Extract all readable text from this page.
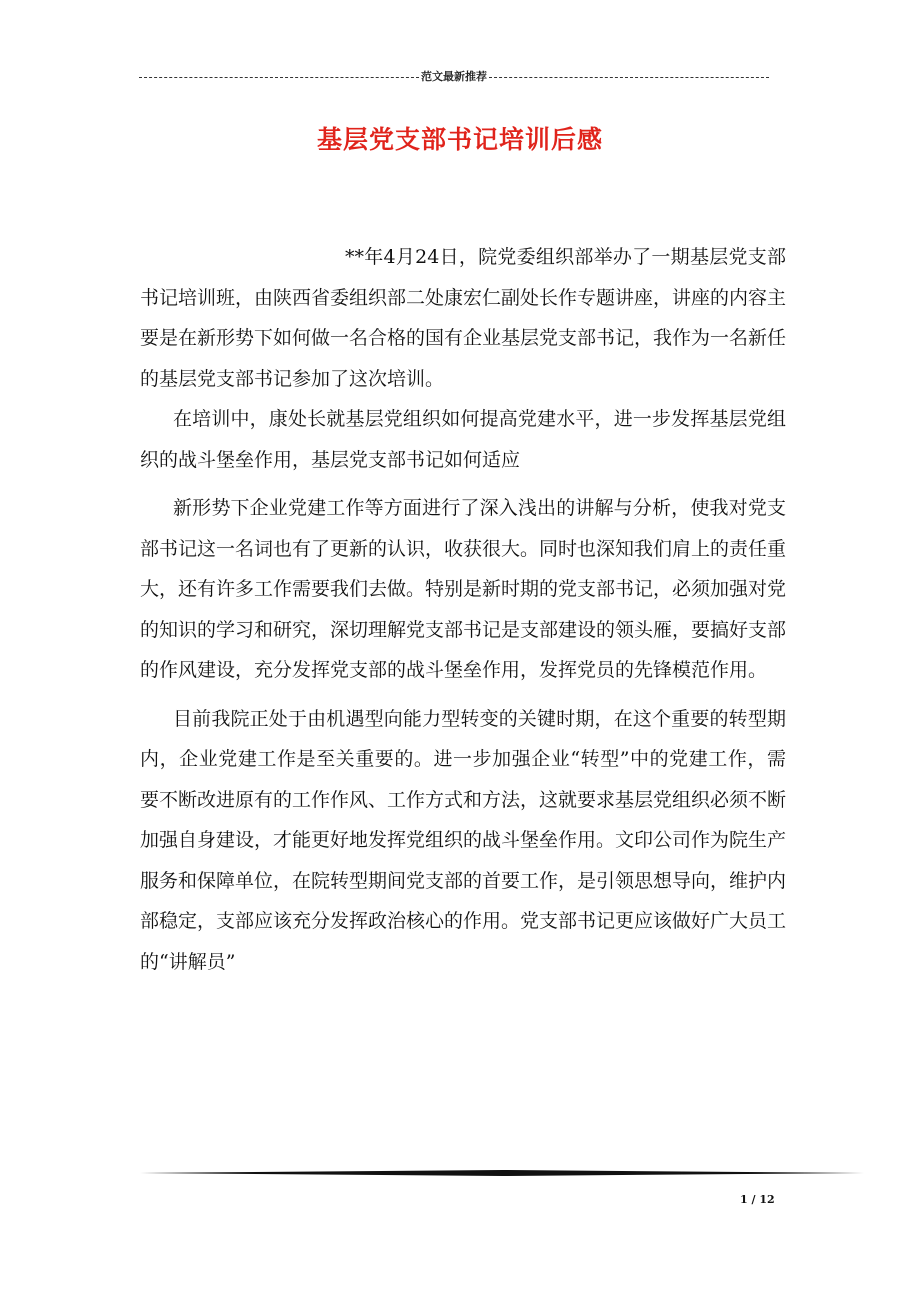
范文最新推荐
基层党支部书记培训后感

**年4月24日，院党委组织部举办了一期基层党支部书记培训班，由陕西省委组织部二处康宏仁副处长作专题讲座，讲座的内容主要是在新形势下如何做一名合格的国有企业基层党支部书记，我作为一名新任的基层党支部书记参加了这次培训。

在培训中，康处长就基层党组织如何提高党建水平，进一步发挥基层党组织的战斗堡垒作用，基层党支部书记如何适应

新形势下企业党建工作等方面进行了深入浅出的讲解与分析，使我对党支部书记这一名词也有了更新的认识，收获很大。同时也深知我们肩上的责任重大，还有许多工作需要我们去做。特别是新时期的党支部书记，必须加强对党的知识的学习和研究，深切理解党支部书记是支部建设的领头雁，要搞好支部的作风建设，充分发挥党支部的战斗堡垒作用，发挥党员的先锋模范作用。

目前我院正处于由机遇型向能力型转变的关键时期，在这个重要的转型期内，企业党建工作是至关重要的。进一步加强企业“转型”中的党建工作，需要不断改进原有的工作作风、工作方式和方法，这就要求基层党组织必须不断加强自身建设，才能更好地发挥党组织的战斗堡垒作用。文印公司作为院生产服务和保障单位，在院转型期间党支部的首要工作，是引领思想导向，维护内部稳定，支部应该充分发挥政治核心的作用。党支部书记更应该做好广大员工的“讲解员”

1 / 12
